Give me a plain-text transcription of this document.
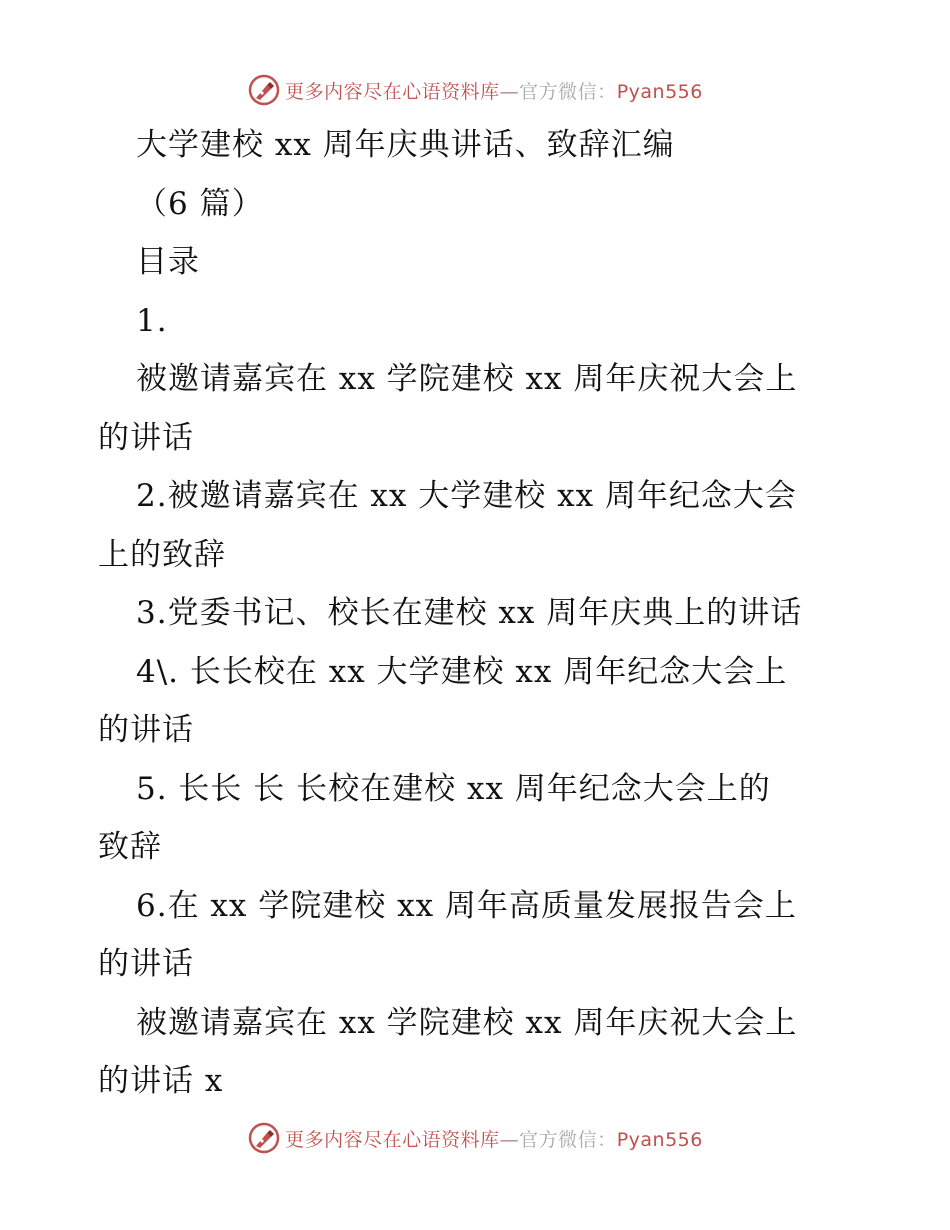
更多内容尽在心语资料库—官方微信：Pyan556
大学建校 xx 周年庆典讲话、致辞汇编
（6 篇）
目录
1.
被邀请嘉宾在 xx 学院建校 xx 周年庆祝大会上
的讲话
2.被邀请嘉宾在 xx 大学建校 xx 周年纪念大会
上的致辞
3.党委书记、校长在建校 xx 周年庆典上的讲话
4\. 长长校在 xx 大学建校 xx 周年纪念大会上
的讲话
5. 长长 长 长校在建校 xx 周年纪念大会上的
致辞
6.在 xx 学院建校 xx 周年高质量发展报告会上
的讲话
被邀请嘉宾在 xx 学院建校 xx 周年庆祝大会上
的讲话 x
更多内容尽在心语资料库—官方微信：Pyan556
